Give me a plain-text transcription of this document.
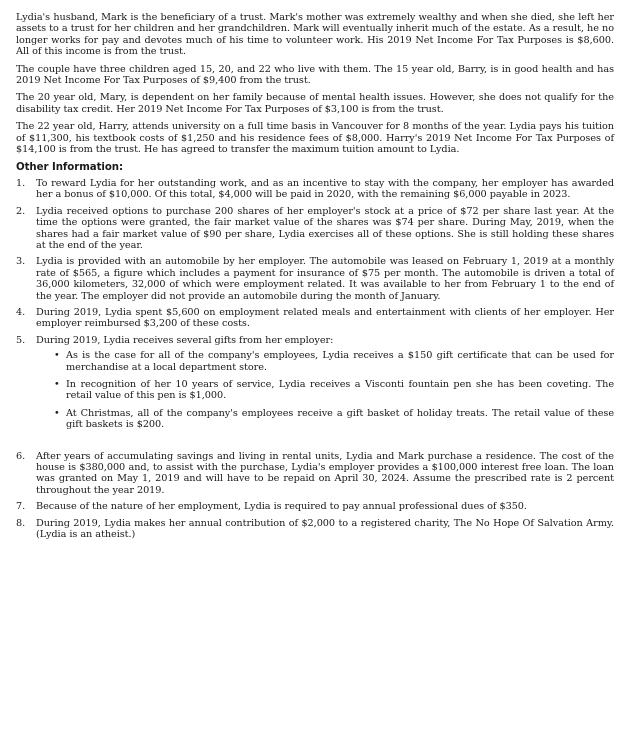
Lydia's husband, Mark is the beneficiary of a trust. Mark's mother was extremely wealthy and when she died, she left her assets to a trust for her children and her grandchildren. Mark will eventually inherit much of the estate. As a result, he no longer works for pay and devotes much of his time to volunteer work. His 2019 Net Income For Tax Purposes is $8,600. All of this income is from the trust.

The couple have three children aged 15, 20, and 22 who live with them. The 15 year old, Barry, is in good health and has 2019 Net Income For Tax Purposes of $9,400 from the trust.

The 20 year old, Mary, is dependent on her family because of mental health issues. However, she does not qualify for the disability tax credit. Her 2019 Net Income For Tax Purposes of $3,100 is from the trust.

The 22 year old, Harry, attends university on a full time basis in Vancouver for 8 months of the year. Lydia pays his tuition of $11,300, his textbook costs of $1,250 and his residence fees of $8,000. Harry's 2019 Net Income For Tax Purposes of $14,100 is from the trust. He has agreed to transfer the maximum tuition amount to Lydia.

Other Information:
1.	To reward Lydia for her outstanding work, and as an incentive to stay with the company, her employer has awarded her a bonus of $10,000. Of this total, $4,000 will be paid in 2020, with the remaining $6,000 payable in 2023.
2.	Lydia received options to purchase 200 shares of her employer's stock at a price of $72 per share last year. At the time the options were granted, the fair market value of the shares was $74 per share. During May, 2019, when the shares had a fair market value of $90 per share, Lydia exercises all of these options. She is still holding these shares at the end of the year.
3.	Lydia is provided with an automobile by her employer. The automobile was leased on February 1, 2019 at a monthly rate of $565, a figure which includes a payment for insurance of $75 per month. The automobile is driven a total of 36,000 kilometers, 32,000 of which were employment related. It was available to her from February 1 to the end of the year. The employer did not provide an automobile during the month of January.
4.	During 2019, Lydia spent $5,600 on employment related meals and entertainment with clients of her employer. Her employer reimbursed $3,200 of these costs.
5.	During 2019, Lydia receives several gifts from her employer:
• As is the case for all of the company's employees, Lydia receives a $150 gift certificate that can be used for merchandise at a local department store.
• In recognition of her 10 years of service, Lydia receives a Visconti fountain pen she has been coveting. The retail value of this pen is $1,000.
• At Christmas, all of the company's employees receive a gift basket of holiday treats. The retail value of these gift baskets is $200.
6.	After years of accumulating savings and living in rental units, Lydia and Mark purchase a residence. The cost of the house is $380,000 and, to assist with the purchase, Lydia's employer provides a $100,000 interest free loan. The loan was granted on May 1, 2019 and will have to be repaid on April 30, 2024. Assume the prescribed rate is 2 percent throughout the year 2019.
7.	Because of the nature of her employment, Lydia is required to pay annual professional dues of $350.
8.	During 2019, Lydia makes her annual contribution of $2,000 to a registered charity, The No Hope Of Salvation Army. (Lydia is an atheist.)
